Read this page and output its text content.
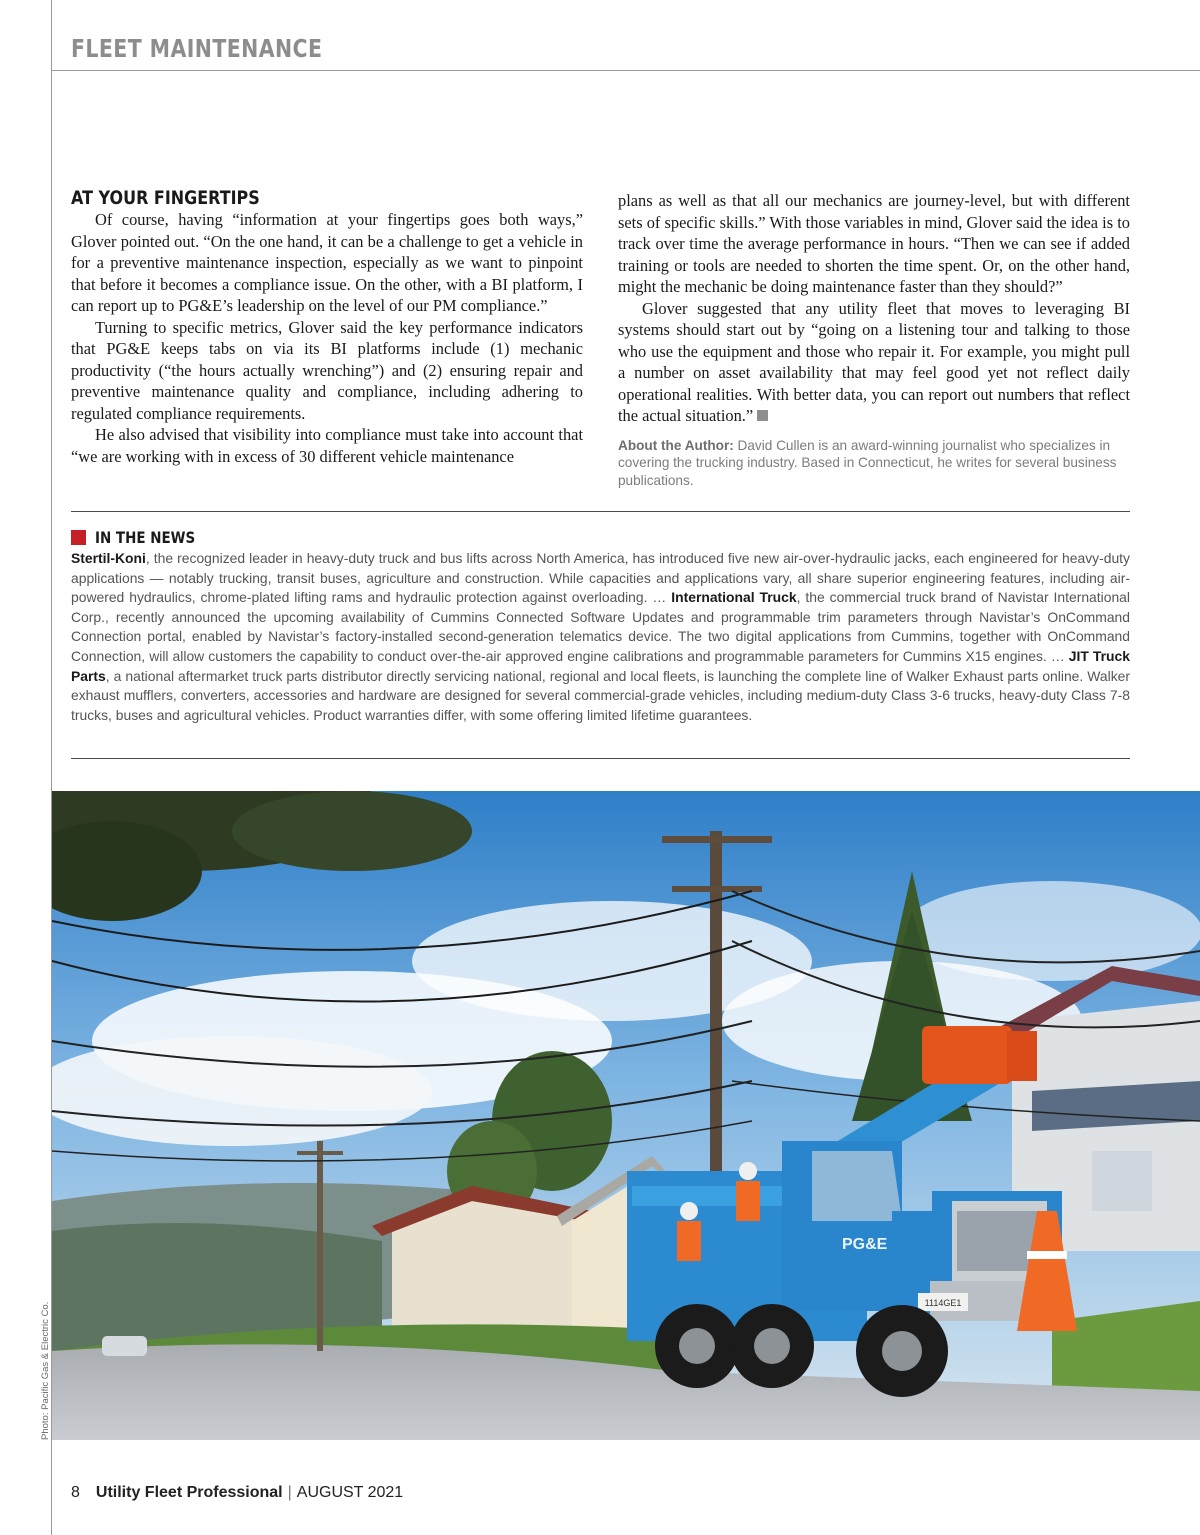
FLEET MAINTENANCE
AT YOUR FINGERTIPS

Of course, having “information at your fingertips goes both ways,” Glover pointed out. “On the one hand, it can be a challenge to get a vehicle in for a preventive maintenance inspection, especially as we want to pinpoint that before it becomes a compliance issue. On the other, with a BI platform, I can report up to PG&E’s leadership on the level of our PM compliance.”

Turning to specific metrics, Glover said the key performance indicators that PG&E keeps tabs on via its BI platforms include (1) mechanic productivity (“the hours actually wrenching”) and (2) ensuring repair and preventive maintenance quality and compliance, including adhering to regulated compliance requirements.

He also advised that visibility into compliance must take into account that “we are working with in excess of 30 different vehicle maintenance

plans as well as that all our mechanics are journey-level, but with different sets of specific skills.” With those variables in mind, Glover said the idea is to track over time the average performance in hours. “Then we can see if added training or tools are needed to shorten the time spent. Or, on the other hand, might the mechanic be doing maintenance faster than they should?”

Glover suggested that any utility fleet that moves to leveraging BI systems should start out by “going on a listening tour and talking to those who use the equipment and those who repair it. For example, you might pull a number on asset availability that may feel good yet not reflect daily operational realities. With better data, you can report out numbers that reflect the actual situation.”

About the Author: David Cullen is an award-winning journalist who specializes in covering the trucking industry. Based in Connecticut, he writes for several business publications.
IN THE NEWS
Stertil-Koni, the recognized leader in heavy-duty truck and bus lifts across North America, has introduced five new air-over-hydraulic jacks, each engineered for heavy-duty applications — notably trucking, transit buses, agriculture and construction. While capacities and applications vary, all share superior engineering features, including air-powered hydraulics, chrome-plated lifting rams and hydraulic protection against overloading. … International Truck, the commercial truck brand of Navistar International Corp., recently announced the upcoming availability of Cummins Connected Software Updates and programmable trim parameters through Navistar’s OnCommand Connection portal, enabled by Navistar’s factory-installed second-generation telematics device. The two digital applications from Cummins, together with OnCommand Connection, will allow customers the capability to conduct over-the-air approved engine calibrations and programmable parameters for Cummins X15 engines. … JIT Truck Parts, a national aftermarket truck parts distributor directly servicing national, regional and local fleets, is launching the complete line of Walker Exhaust parts online. Walker exhaust mufflers, converters, accessories and hardware are designed for several commercial-grade vehicles, including medium-duty Class 3-6 trucks, heavy-duty Class 7-8 trucks, buses and agricultural vehicles. Product warranties differ, with some offering limited lifetime guarantees.
1114GE1
PG&E
Photo: Pacific Gas & Electric Co.
8 Utility Fleet Professional | AUGUST 2021
